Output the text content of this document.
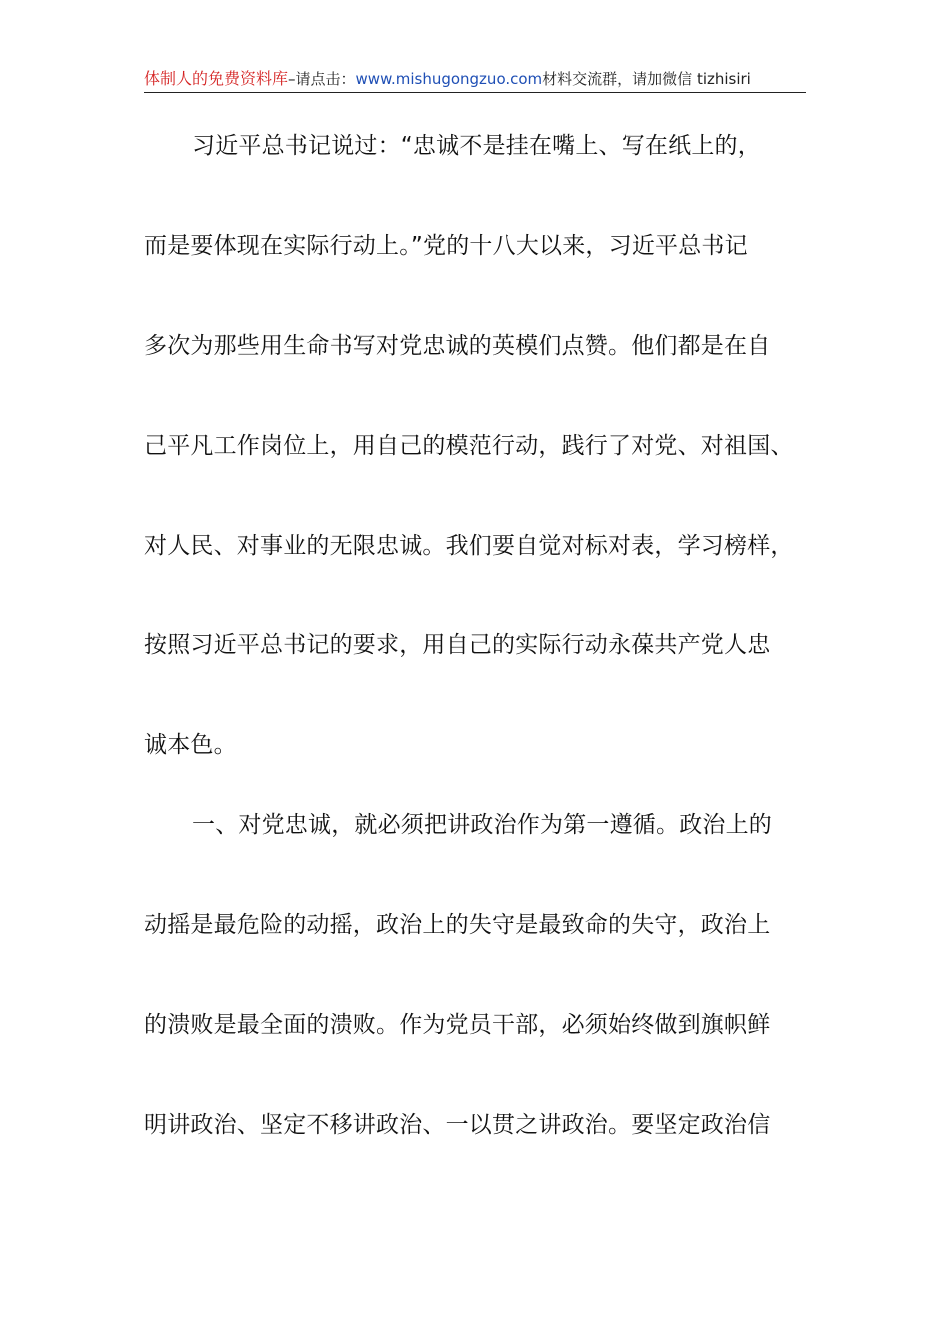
体制人的免费资料库–请点击：www.mishugongzuo.com材料交流群，请加微信 tizhisiri
习近平总书记说过：“忠诚不是挂在嘴上、写在纸上的，
而是要体现在实际行动上。”党的十八大以来，习近平总书记
多次为那些用生命书写对党忠诚的英模们点赞。他们都是在自
己平凡工作岗位上，用自己的模范行动，践行了对党、对祖国、
对人民、对事业的无限忠诚。我们要自觉对标对表，学习榜样，
按照习近平总书记的要求，用自己的实际行动永葆共产党人忠
诚本色。
一、对党忠诚，就必须把讲政治作为第一遵循。政治上的
动摇是最危险的动摇，政治上的失守是最致命的失守，政治上
的溃败是最全面的溃败。作为党员干部，必须始终做到旗帜鲜
明讲政治、坚定不移讲政治、一以贯之讲政治。要坚定政治信
